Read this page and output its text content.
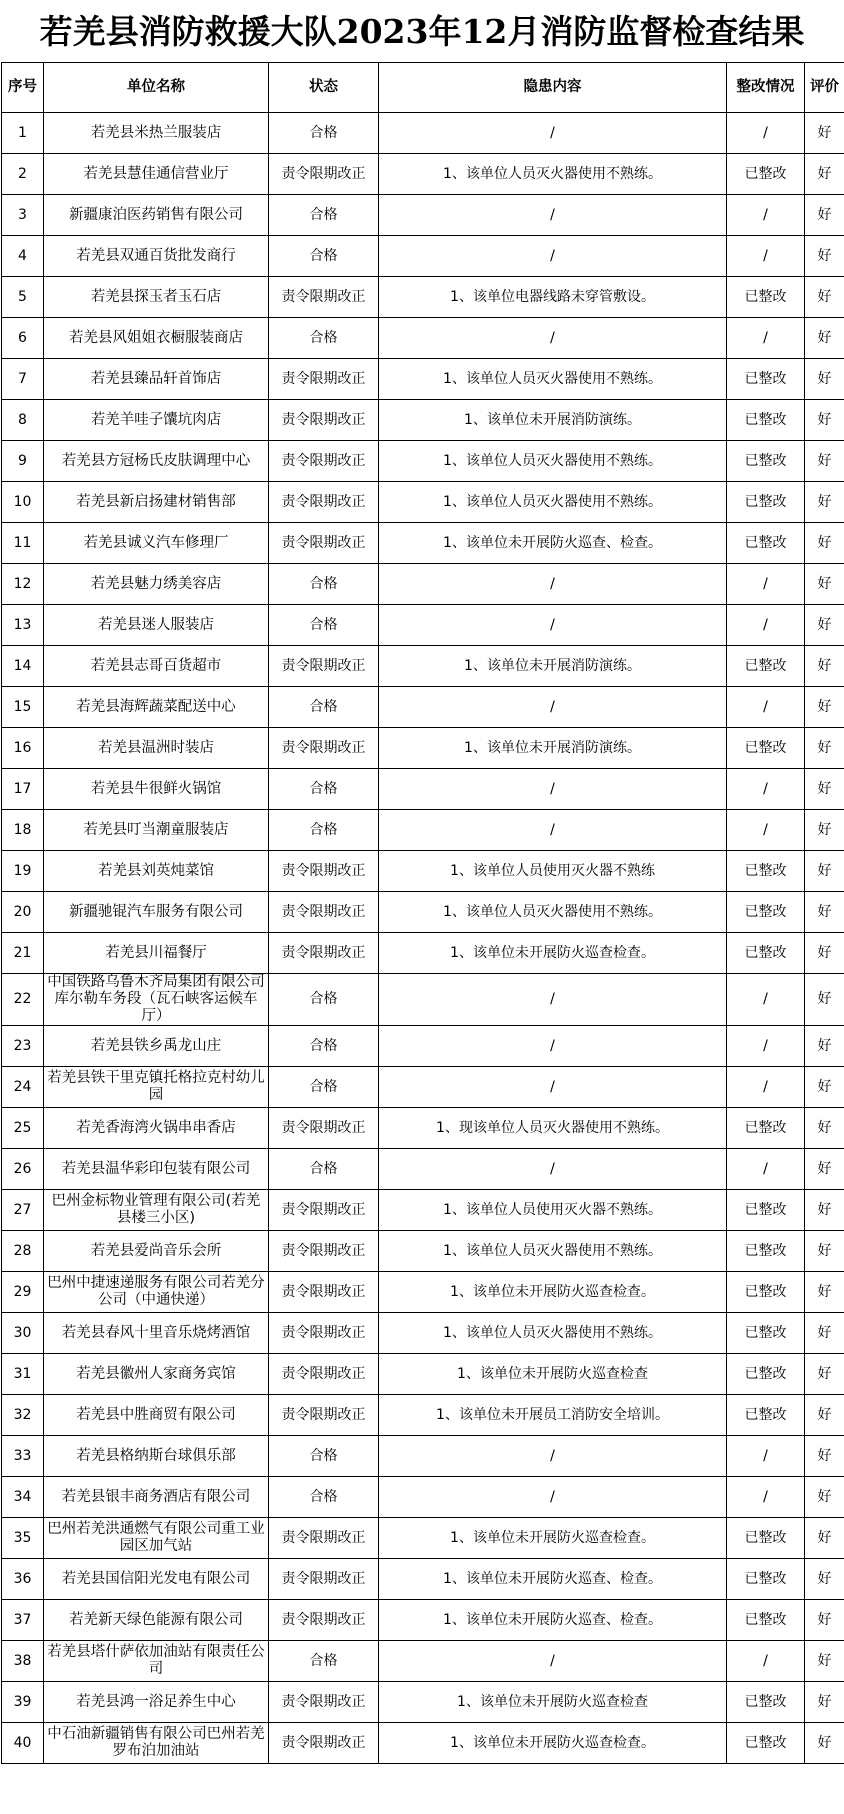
若羌县消防救援大队2023年12月消防监督检查结果
序号	单位名称	状态	隐患内容	整改情况	评价
1	若羌县米热兰服装店	合格	/	/	好
2	若羌县慧佳通信营业厅	责令限期改正	1、该单位人员灭火器使用不熟练。	已整改	好
3	新疆康泊医药销售有限公司	合格	/	/	好
4	若羌县双通百货批发商行	合格	/	/	好
5	若羌县探玉者玉石店	责令限期改正	1、该单位电器线路未穿管敷设。	已整改	好
6	若羌县风姐姐衣橱服装商店	合格	/	/	好
7	若羌县臻品轩首饰店	责令限期改正	1、该单位人员灭火器使用不熟练。	已整改	好
8	若羌羊哇子馕坑肉店	责令限期改正	1、该单位未开展消防演练。	已整改	好
9	若羌县方冠杨氏皮肤调理中心	责令限期改正	1、该单位人员灭火器使用不熟练。	已整改	好
10	若羌县新启扬建材销售部	责令限期改正	1、该单位人员灭火器使用不熟练。	已整改	好
11	若羌县诚义汽车修理厂	责令限期改正	1、该单位未开展防火巡查、检查。	已整改	好
12	若羌县魅力绣美容店	合格	/	/	好
13	若羌县迷人服装店	合格	/	/	好
14	若羌县志哥百货超市	责令限期改正	1、该单位未开展消防演练。	已整改	好
15	若羌县海辉蔬菜配送中心	合格	/	/	好
16	若羌县温洲时装店	责令限期改正	1、该单位未开展消防演练。	已整改	好
17	若羌县牛很鲜火锅馆	合格	/	/	好
18	若羌县叮当潮童服装店	合格	/	/	好
19	若羌县刘英炖菜馆	责令限期改正	1、该单位人员使用灭火器不熟练	已整改	好
20	新疆驰锟汽车服务有限公司	责令限期改正	1、该单位人员灭火器使用不熟练。	已整改	好
21	若羌县川福餐厅	责令限期改正	1、该单位未开展防火巡查检查。	已整改	好
22	中国铁路乌鲁木齐局集团有限公司库尔勒车务段（瓦石峡客运候车厅）	合格	/	/	好
23	若羌县铁乡禹龙山庄	合格	/	/	好
24	若羌县铁干里克镇托格拉克村幼儿园	合格	/	/	好
25	若羌香海湾火锅串串香店	责令限期改正	1、现该单位人员灭火器使用不熟练。	已整改	好
26	若羌县温华彩印包装有限公司	合格	/	/	好
27	巴州金标物业管理有限公司(若羌县楼三小区)	责令限期改正	1、该单位人员使用灭火器不熟练。	已整改	好
28	若羌县爱尚音乐会所	责令限期改正	1、该单位人员灭火器使用不熟练。	已整改	好
29	巴州中捷速递服务有限公司若羌分公司（中通快递）	责令限期改正	1、该单位未开展防火巡查检查。	已整改	好
30	若羌县春风十里音乐烧烤酒馆	责令限期改正	1、该单位人员灭火器使用不熟练。	已整改	好
31	若羌县徽州人家商务宾馆	责令限期改正	1、该单位未开展防火巡查检查	已整改	好
32	若羌县中胜商贸有限公司	责令限期改正	1、该单位未开展员工消防安全培训。	已整改	好
33	若羌县格纳斯台球俱乐部	合格	/	/	好
34	若羌县银丰商务酒店有限公司	合格	/	/	好
35	巴州若羌洪通燃气有限公司重工业园区加气站	责令限期改正	1、该单位未开展防火巡查检查。	已整改	好
36	若羌县国信阳光发电有限公司	责令限期改正	1、该单位未开展防火巡查、检查。	已整改	好
37	若羌新天绿色能源有限公司	责令限期改正	1、该单位未开展防火巡查、检查。	已整改	好
38	若羌县塔什萨依加油站有限责任公司	合格	/	/	好
39	若羌县鸿一浴足养生中心	责令限期改正	1、该单位未开展防火巡查检查	已整改	好
40	中石油新疆销售有限公司巴州若羌罗布泊加油站	责令限期改正	1、该单位未开展防火巡查检查。	已整改	好
